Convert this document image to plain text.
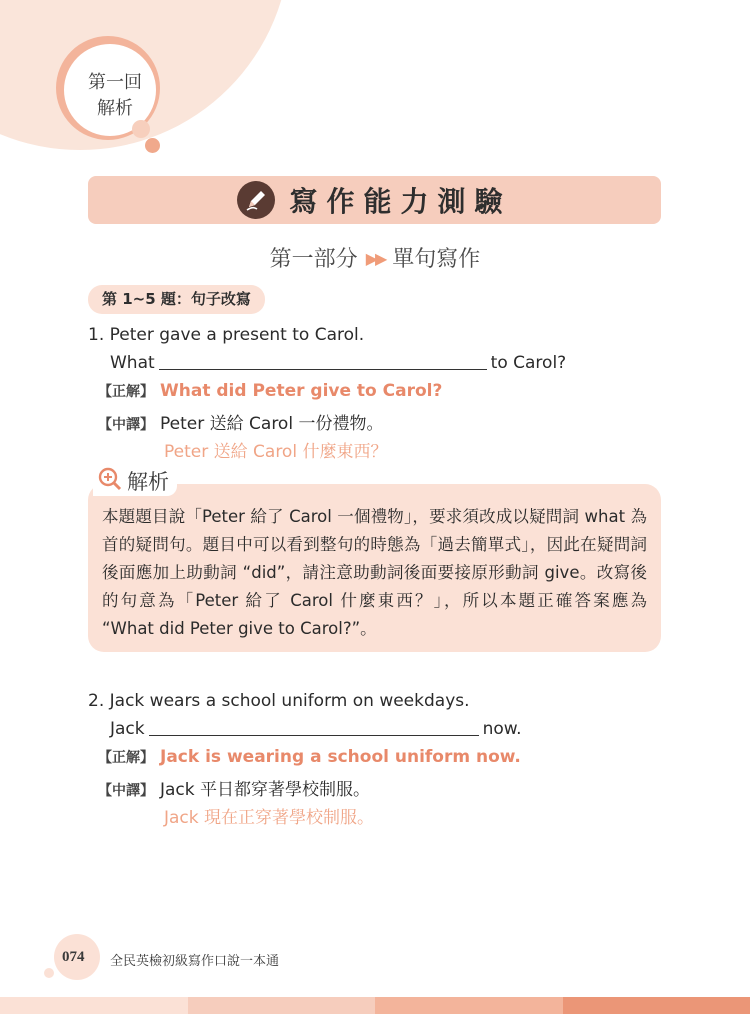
第一回
解析
寫作能力測驗
第一部分 ▶▶ 單句寫作
第 1~5 題：句子改寫
1. Peter gave a present to Carol.
What	to Carol?
【正解】 What did Peter give to Carol?
【中譯】 Peter 送給 Carol 一份禮物。
Peter 送給 Carol 什麼東西？
解析
本題題目說「Peter 給了 Carol 一個禮物」，要求須改成以疑問詞 what 為首的疑問句。題目中可以看到整句的時態為「過去簡單式」，因此在疑問詞後面應加上助動詞 “did”，請注意助動詞後面要接原形動詞 give。改寫後的句意為「Peter 給了 Carol 什麼東西？」，所以本題正確答案應為 “What did Peter give to Carol?”。
2. Jack wears a school uniform on weekdays.
Jack	now.
【正解】 Jack is wearing a school uniform now.
【中譯】 Jack 平日都穿著學校制服。
Jack 現在正穿著學校制服。
074 全民英檢初級寫作口說一本通
